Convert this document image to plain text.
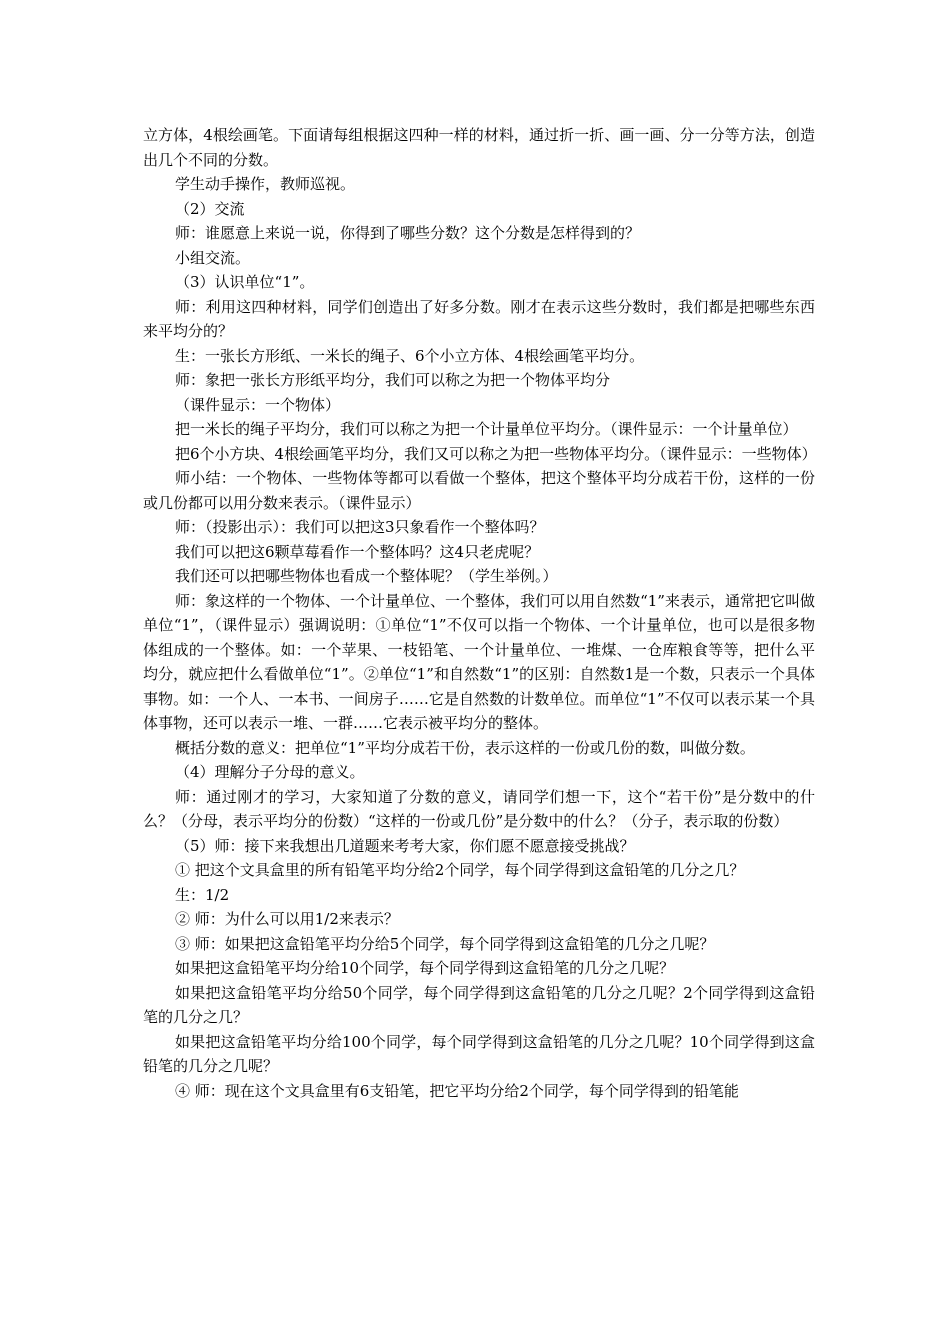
立方体，4根绘画笔。下面请每组根据这四种一样的材料，通过折一折、画一画、分一分等方法，创造出几个不同的分数。

学生动手操作，教师巡视。

（2）交流

师：谁愿意上来说一说，你得到了哪些分数？这个分数是怎样得到的？

小组交流。

（3）认识单位“1”。

师：利用这四种材料，同学们创造出了好多分数。刚才在表示这些分数时，我们都是把哪些东西来平均分的？

生：一张长方形纸、一米长的绳子、6个小立方体、4根绘画笔平均分。

师：象把一张长方形纸平均分，我们可以称之为把一个物体平均分

（课件显示：一个物体）

把一米长的绳子平均分，我们可以称之为把一个计量单位平均分。（课件显示：一个计量单位）

把6个小方块、4根绘画笔平均分，我们又可以称之为把一些物体平均分。（课件显示：一些物体）

师小结：一个物体、一些物体等都可以看做一个整体，把这个整体平均分成若干份，这样的一份或几份都可以用分数来表示。（课件显示）

师：（投影出示）：我们可以把这3只象看作一个整体吗？

我们可以把这6颗草莓看作一个整体吗？这4只老虎呢？

我们还可以把哪些物体也看成一个整体呢？（学生举例。）

师：象这样的一个物体、一个计量单位、一个整体，我们可以用自然数“1”来表示，通常把它叫做单位“1”，（课件显示）强调说明：①单位“1”不仅可以指一个物体、一个计量单位，也可以是很多物体组成的一个整体。如：一个苹果、一枝铅笔、一个计量单位、一堆煤、一仓库粮食等等，把什么平均分，就应把什么看做单位“1”。②单位“1”和自然数“1”的区别：自然数1是一个数，只表示一个具体事物。如：一个人、一本书、一间房子……它是自然数的计数单位。而单位“1”不仅可以表示某一个具体事物，还可以表示一堆、一群……它表示被平均分的整体。

概括分数的意义：把单位“1”平均分成若干份，表示这样的一份或几份的数，叫做分数。

（4）理解分子分母的意义。

师：通过刚才的学习，大家知道了分数的意义，请同学们想一下，这个“若干份”是分数中的什么？（分母，表示平均分的份数）“这样的一份或几份”是分数中的什么？（分子，表示取的份数）

（5）师：接下来我想出几道题来考考大家，你们愿不愿意接受挑战？

① 把这个文具盒里的所有铅笔平均分给2个同学，每个同学得到这盒铅笔的几分之几？

生：1/2

② 师：为什么可以用1/2来表示？

③ 师：如果把这盒铅笔平均分给5个同学，每个同学得到这盒铅笔的几分之几呢？

如果把这盒铅笔平均分给10个同学，每个同学得到这盒铅笔的几分之几呢？

如果把这盒铅笔平均分给50个同学，每个同学得到这盒铅笔的几分之几呢？2个同学得到这盒铅笔的几分之几？

如果把这盒铅笔平均分给100个同学，每个同学得到这盒铅笔的几分之几呢？10个同学得到这盒铅笔的几分之几呢？

④ 师：现在这个文具盒里有6支铅笔，把它平均分给2个同学，每个同学得到的铅笔能
